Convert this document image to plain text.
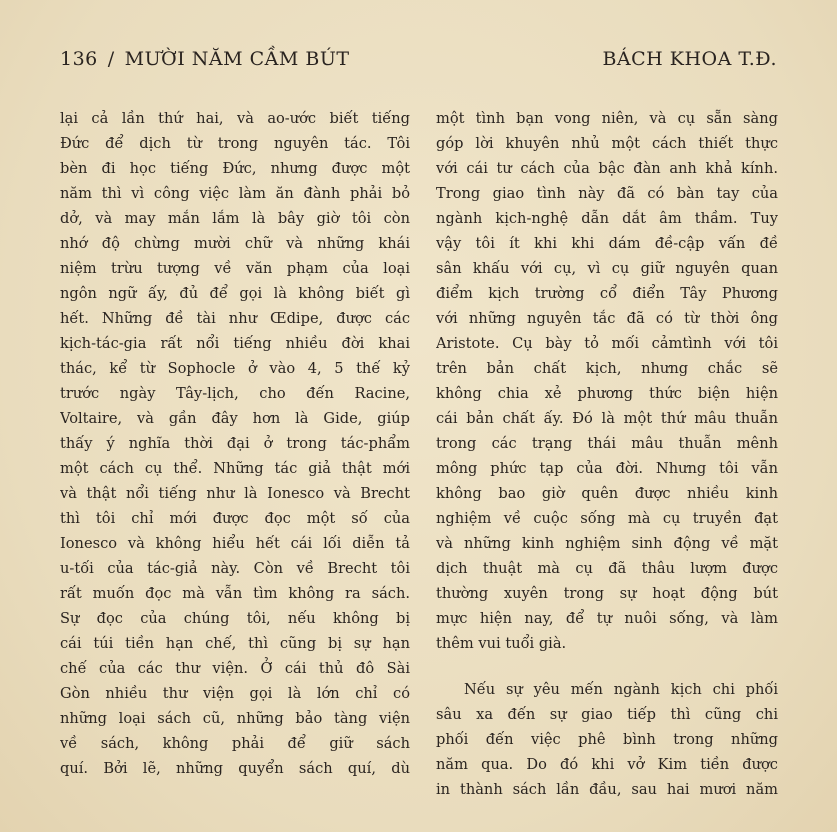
136 / MƯỜI NĂM CẦM BÚT	BÁCH KHOA T.Đ.
lại cả lần thứ hai, và ao-ước biết tiếng
Đức để dịch từ trong nguyên tác. Tôi
bèn đi học tiếng Đức, nhưng được một
năm thì vì công việc làm ăn đành phải bỏ
dở, và may mắn lắm là bây giờ tôi còn
nhớ độ chừng mười chữ và những khái
niệm trừu tượng về văn phạm của loại
ngôn ngữ ấy, đủ để gọi là không biết gì
hết. Những đề tài như Œdipe, được các
kịch-tác-gia rất nổi tiếng nhiều đời khai
thác, kể từ Sophocle ở vào 4, 5 thế kỷ
trước ngày Tây-lịch, cho đến Racine,
Voltaire, và gần đây hơn là Gide, giúp
thấy ý nghĩa thời đại ở trong tác-phẩm
một cách cụ thể. Những tác giả thật mới
và thật nổi tiếng như là Ionesco và Brecht
thì tôi chỉ mới được đọc một số của
Ionesco và không hiểu hết cái lối diễn tả
u-tối của tác-giả này. Còn về Brecht tôi
rất muốn đọc mà vẫn tìm không ra sách.
Sự đọc của chúng tôi, nếu không bị
cái túi tiền hạn chế, thì cũng bị sự hạn
chế của các thư viện. Ở cái thủ đô Sài
Gòn nhiều thư viện gọi là lớn chỉ có
những loại sách cũ, những bảo tàng viện
về sách, không phải để giữ sách
quí. Bởi lẽ, những quyển sách quí, dù
một tình bạn vong niên, và cụ sẵn sàng
góp lời khuyên nhủ một cách thiết thực
với cái tư cách của bậc đàn anh khả kính.
Trong giao tình này đã có bàn tay của
ngành kịch-nghệ dẫn dắt âm thầm. Tuy
vậy tôi ít khi khi dám đề-cập vấn đề
sân khấu với cụ, vì cụ giữ nguyên quan
điểm kịch trường cổ điển Tây Phương
với những nguyên tắc đã có từ thời ông
Aristote. Cụ bày tỏ mối cảmtình với tôi
trên bản chất kịch, nhưng chắc sẽ
không chia xẻ phương thức biện hiện
cái bản chất ấy. Đó là một thứ mâu thuẫn
trong các trạng thái mâu thuẫn mênh
mông phức tạp của đời. Nhưng tôi vẫn
không bao giờ quên được nhiều kinh
nghiệm về cuộc sống mà cụ truyền đạt
và những kinh nghiệm sinh động về mặt
dịch thuật mà cụ đã thâu lượm được
thường xuyên trong sự hoạt động bút
mực hiện nay, để tự nuôi sống, và làm
thêm vui tuổi già.
Nếu sự yêu mến ngành kịch chi phối
sâu xa đến sự giao tiếp thì cũng chi
phối đến việc phê bình trong những
năm qua. Do đó khi vở Kim tiền được
in thành sách lần đầu, sau hai mươi năm
